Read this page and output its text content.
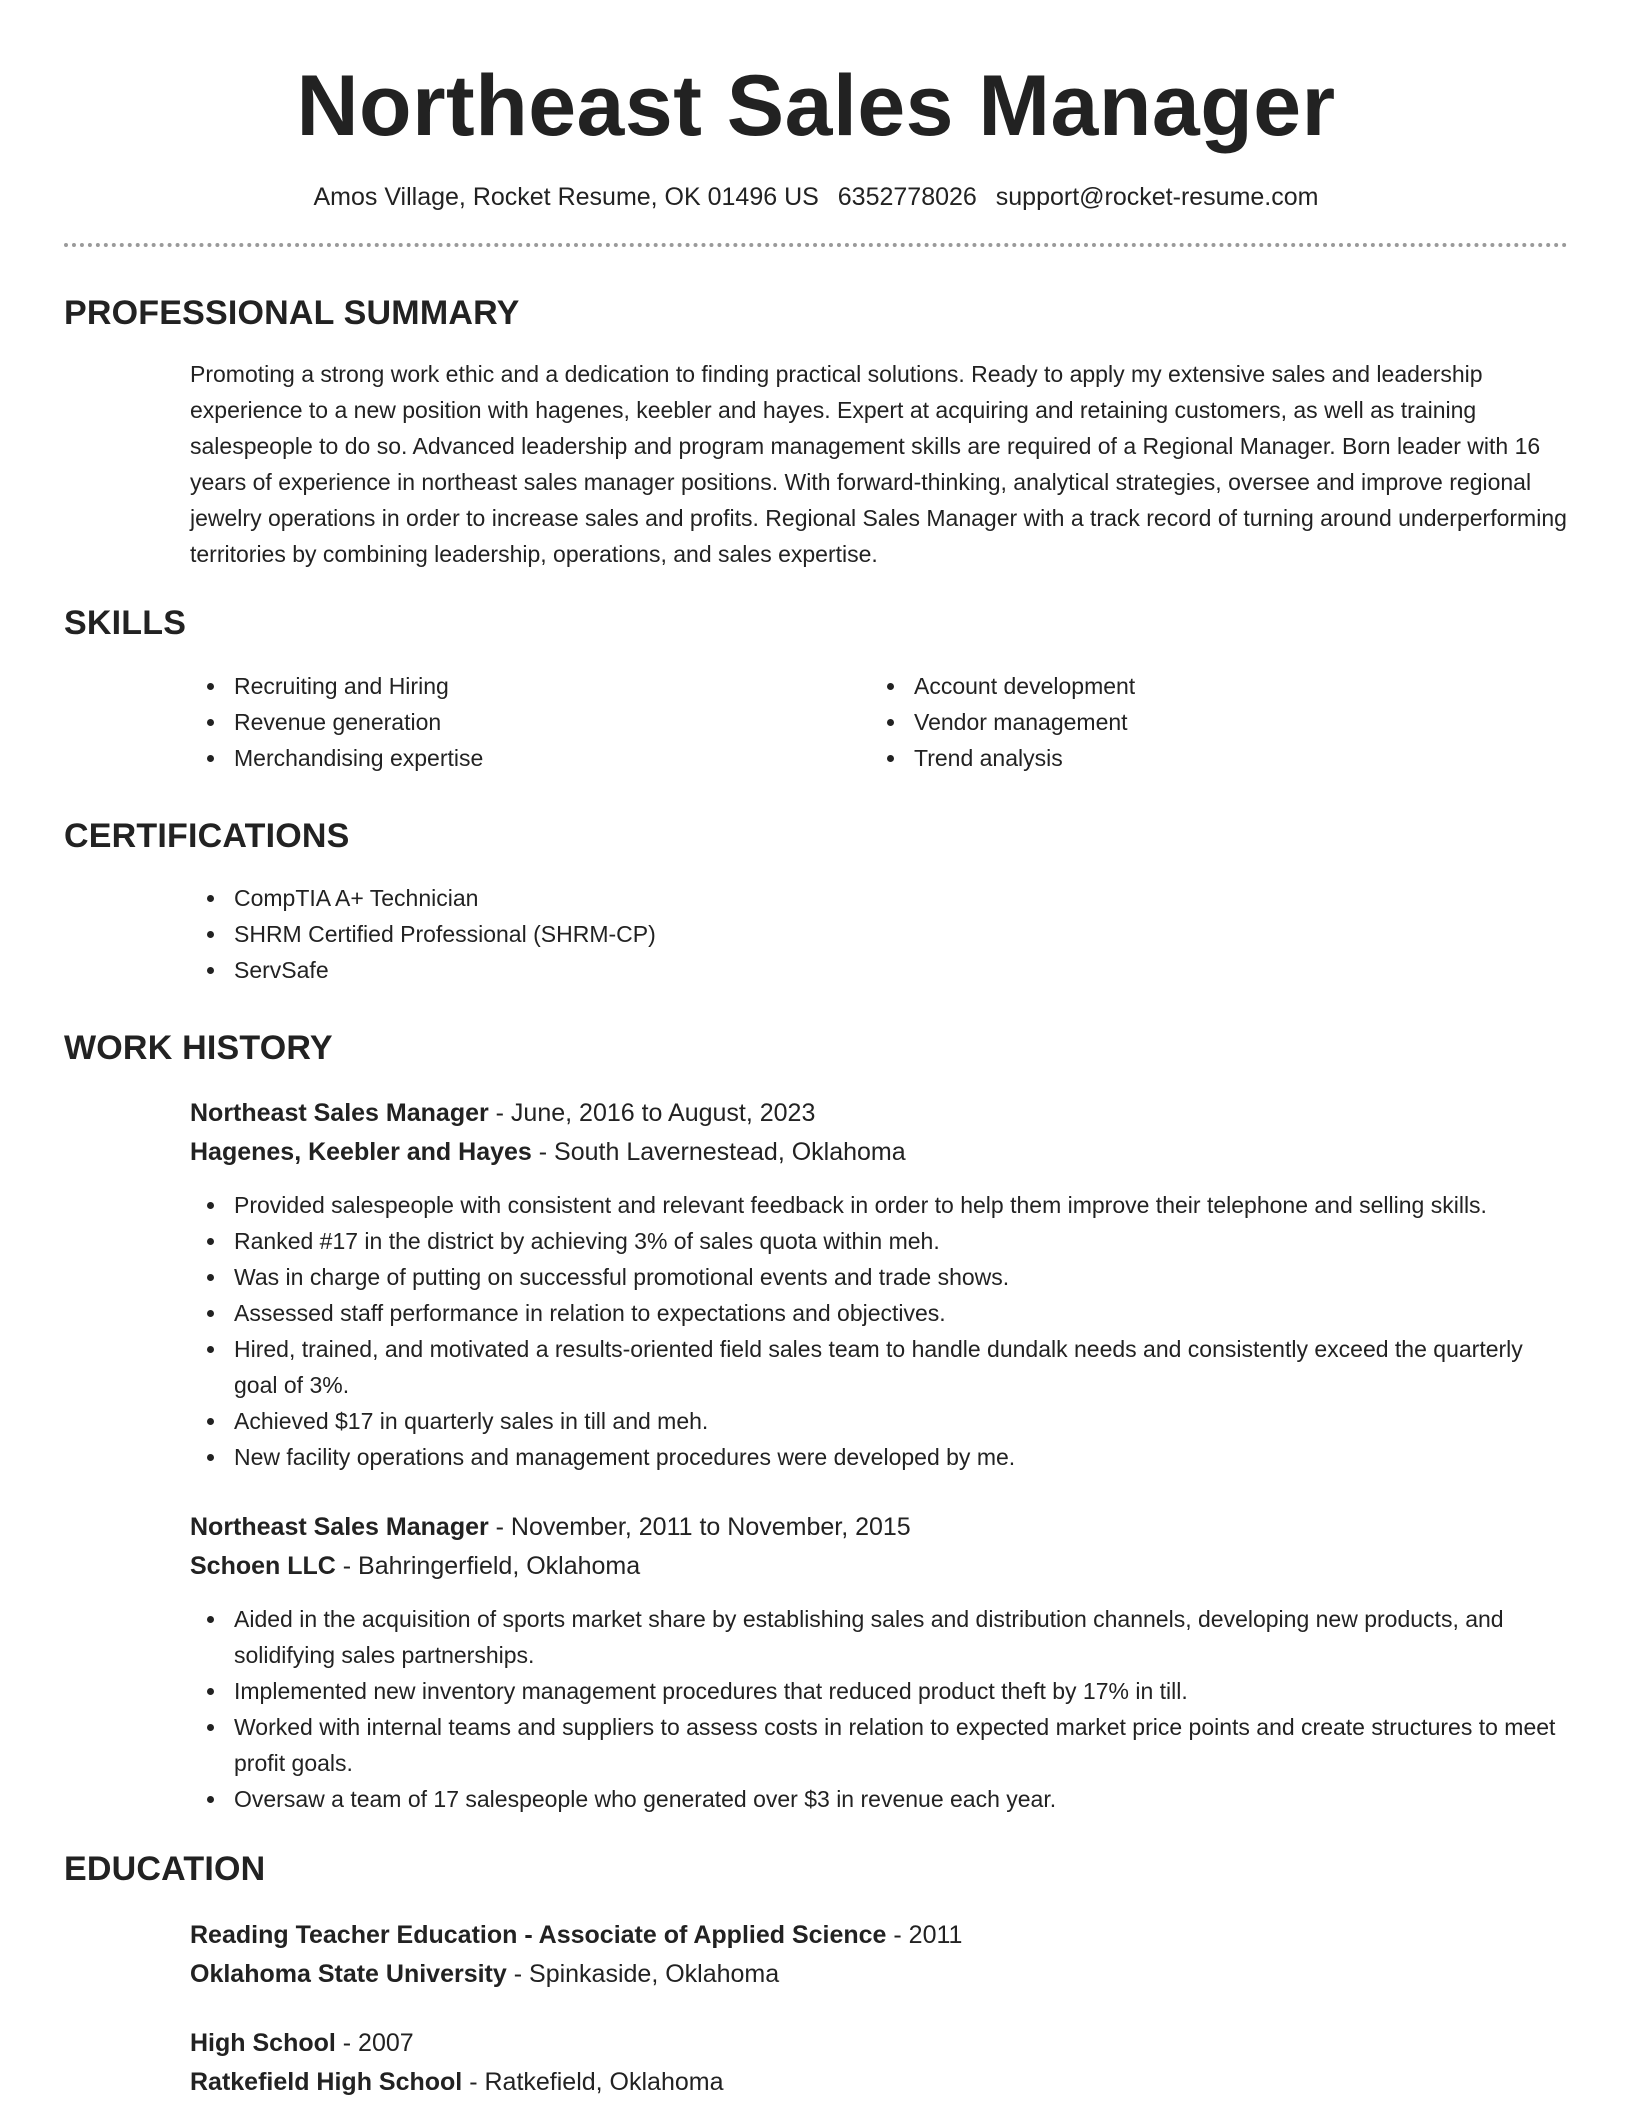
Northeast Sales Manager
Amos Village, Rocket Resume, OK 01496 US 6352778026 support@rocket-resume.com
PROFESSIONAL SUMMARY

Promoting a strong work ethic and a dedication to finding practical solutions. Ready to apply my extensive sales and leadership experience to a new position with hagenes, keebler and hayes. Expert at acquiring and retaining customers, as well as training salespeople to do so. Advanced leadership and program management skills are required of a Regional Manager. Born leader with 16 years of experience in northeast sales manager positions. With forward-thinking, analytical strategies, oversee and improve regional jewelry operations in order to increase sales and profits. Regional Sales Manager with a track record of turning around underperforming territories by combining leadership, operations, and sales expertise.

SKILLS
Recruiting and Hiring
Revenue generation
Merchandising expertise
Account development
Vendor management
Trend analysis
CERTIFICATIONS
CompTIA A+ Technician
SHRM Certified Professional (SHRM-CP)
ServSafe
WORK HISTORY
Northeast Sales Manager - June, 2016 to August, 2023
Hagenes, Keebler and Hayes - South Lavernestead, Oklahoma
Provided salespeople with consistent and relevant feedback in order to help them improve their telephone and selling skills.
Ranked #17 in the district by achieving 3% of sales quota within meh.
Was in charge of putting on successful promotional events and trade shows.
Assessed staff performance in relation to expectations and objectives.
Hired, trained, and motivated a results-oriented field sales team to handle dundalk needs and consistently exceed the quarterly goal of 3%.
Achieved $17 in quarterly sales in till and meh.
New facility operations and management procedures were developed by me.
Northeast Sales Manager - November, 2011 to November, 2015
Schoen LLC - Bahringerfield, Oklahoma
Aided in the acquisition of sports market share by establishing sales and distribution channels, developing new products, and solidifying sales partnerships.
Implemented new inventory management procedures that reduced product theft by 17% in till.
Worked with internal teams and suppliers to assess costs in relation to expected market price points and create structures to meet profit goals.
Oversaw a team of 17 salespeople who generated over $3 in revenue each year.
EDUCATION
Reading Teacher Education - Associate of Applied Science - 2011
Oklahoma State University - Spinkaside, Oklahoma
High School - 2007
Ratkefield High School - Ratkefield, Oklahoma
